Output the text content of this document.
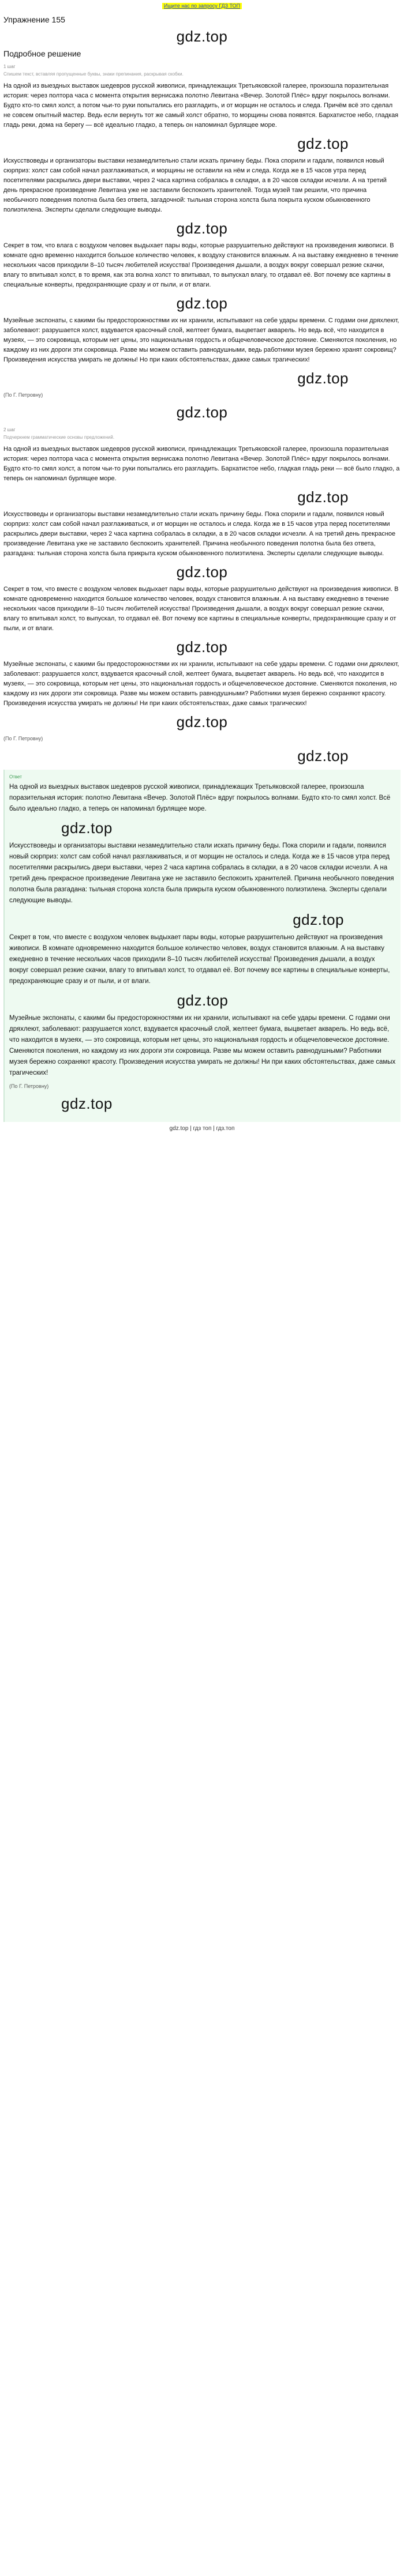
Ищите нас по запросу ГДЗ ТОП
Упражнение 155
gdz.top
Подробное решение
1 шаг
Спишем текст, вставляя пропущенные буквы, знаки препинания, раскрывая скобки.

На одной из выездных выставок шедевров русской живописи, принадлежащих Третьяковской галерее, произошла поразительная история: через полтора часа с момента открытия вернисажа полотно Левитана «Вечер. Золотой Плёс» вдруг покрылось волнами. Будто кто-то смял холст, а потом чьи-то руки попытались его разгладить, и от морщин не осталось и следа. Причём всё это сделал не совсем опытный мастер. Ведь если вернуть тот же самый холст обратно, то морщины снова появятся. Бархатистое небо, гладкая гладь реки, дома на берегу — всё идеально гладко, а теперь он напоминал бурлящее море.

gdz.top

Искусствоведы и организаторы выставки незамедлительно стали искать причину беды. Пока спорили и гадали, появился новый сюрприз: холст сам собой начал разглаживаться, и морщины не оставили на нём и следа. Когда же в 15 часов утра перед посетителями раскрылись двери выставки, через 2 часа картина собралась в складки, а в 20 часов складки исчезли. А на третий день прекрасное произведение Левитана уже не заставили беспокоить хранителей. Тогда музей там решили, что причина необычного поведения полотна была без ответа, загадочной: тыльная сторона холста была покрыта куском обыкновенного полиэтилена. Эксперты сделали следующие выводы.

gdz.top

Секрет в том, что влага с воздухом человек выдыхает пары воды, которые разрушительно действуют на произведения живописи. В комнате одно временно находится большое количество человек, к воздуху становится влажным. А на выставку ежедневно в течение нескольких часов приходили 8–10 тысяч любителей искусства! Произведения дышали, а воздух вокруг совершал резкие скачки, влагу то впитывал холст, в то время, как эта волна холст то впитывал, то выпускал влагу, то отдавал её. Вот почему все картины в специальные конверты, предохраняющие сразу и от пыли, и от влаги.

gdz.top

Музейные экспонаты, с какими бы предосторожностями их ни хранили, испытывают на себе удары времени. С годами они дряхлеют, заболевают: разрушается холст, вздувается красочный слой, желтеет бумага, выцветает акварель. Но ведь всё, что находится в музеях, — это сокровища, которым нет цены, это национальная гордость и общечеловеческое достояние. Сменяются поколения, но каждому из них дороги эти сокровища. Разве мы можем оставить равнодушными, ведь работники музея бережно хранят сокровищ? Произведения искусства умирать не должны! Но при каких обстоятельствах, дажке самых трагических!

gdz.top
(По Г. Петровну)
gdz.top
2 шаг
Подчеркнем грамматические основы предложений.

На одной из выездных выставок шедевров русской живописи, принадлежащих Третьяковской галерее, произошла поразительная история: через полтора часа с момента открытия вернисажа полотно Левитана «Вечер. Золотой Плёс» вдруг покрылось волнами. Будто кто-то смял холст, а потом чьи-то руки попытались его разгладить. Бархатистое небо, гладкая гладь реки — всё было гладко, а теперь он напоминал бурлящее море.

gdz.top

Искусствоведы и организаторы выставки незамедлительно стали искать причину беды. Пока спорили и гадали, появился новый сюрприз: холст сам собой начал разглаживаться, и от морщин не осталось и следа. Когда же в 15 часов утра перед посетителями раскрылись двери выставки, через 2 часа картина собралась в складки, а в 20 часов складки исчезли. А на третий день прекрасное произведение Левитана уже не заставило беспокоить хранителей. Причина необычного поведения полотна была без ответа, разгадана: тыльная сторона холста была прикрыта куском обыкновенного полиэтилена. Эксперты сделали следующие выводы.

gdz.top

Секрет в том, что вместе с воздухом человек выдыхает пары воды, которые разрушительно действуют на произведения живописи. В комнате одновременно находится большое количество человек, воздух становится влажным. А на выставку ежедневно в течение нескольких часов приходили 8–10 тысяч любителей искусства! Произведения дышали, а воздух вокруг совершал резкие скачки, влагу то впитывал холст, то выпускал, то отдавал её. Вот почему все картины в специальные конверты, предохраняющие сразу и от пыли, и от влаги.

gdz.top

Музейные экспонаты, с какими бы предосторожностями их ни хранили, испытывают на себе удары времени. С годами они дряхлеют, заболевают: разрушается холст, вздувается красочный слой, желтеет бумага, выцветает акварель. Но ведь всё, что находится в музеях, — это сокровища, которым нет цены, это национальная гордость и общечеловеческое достояние. Сменяются поколения, но каждому из них дороги эти сокровища. Разве мы можем оставить равнодушными? Работники музея бережно сохраняют красоту. Произведения искусства умирать не должны! Ни при каких обстоятельствах, даже самых трагических!

gdz.top
(По Г. Петровну)
gdz.top
Ответ

На одной из выездных выставок шедевров русской живописи, принадлежащих Третьяковской галерее, произошла поразительная история: полотно Левитана «Вечер. Золотой Плёс» вдруг покрылось волнами. Будто кто-то смял холст. Всё было идеально гладко, а теперь он напоминал бурлящее море.

gdz.top

Искусствоведы и организаторы выставки незамедлительно стали искать причину беды. Пока спорили и гадали, появился новый сюрприз: холст сам собой начал разглаживаться, и от морщин не осталось и следа. Когда же в 15 часов утра перед посетителями раскрылись двери выставки, через 2 часа картина собралась в складки, а в 20 часов складки исчезли. А на третий день прекрасное произведение Левитана уже не заставило беспокоить хранителей. Причина необычного поведения полотна была разгадана: тыльная сторона холста была прикрыта куском обыкновенного полиэтилена. Эксперты сделали следующие выводы.

gdz.top

Секрет в том, что вместе с воздухом человек выдыхает пары воды, которые разрушительно действуют на произведения живописи. В комнате одновременно находится большое количество человек, воздух становится влажным. А на выставку ежедневно в течение нескольких часов приходили 8–10 тысяч любителей искусства! Произведения дышали, а воздух вокруг совершал резкие скачки, влагу то впитывал холст, то отдавал её. Вот почему все картины в специальные конверты, предохраняющие сразу и от пыли, и от влаги.

gdz.top

Музейные экспонаты, с какими бы предосторожностями их ни хранили, испытывают на себе удары времени. С годами они дряхлеют, заболевают: разрушается холст, вздувается красочный слой, желтеет бумага, выцветает акварель. Но ведь всё, что находится в музеях, — это сокровища, которым нет цены, это национальная гордость и общечеловеческое достояние. Сменяются поколения, но каждому из них дороги эти сокровища. Разве мы можем оставить равнодушными? Работники музея бережно сохраняют красоту. Произведения искусства умирать не должны! Ни при каких обстоятельствах, даже самых трагических!

(По Г. Петровну)
gdz.top
gdz.top | гдз топ | гдз.топ
